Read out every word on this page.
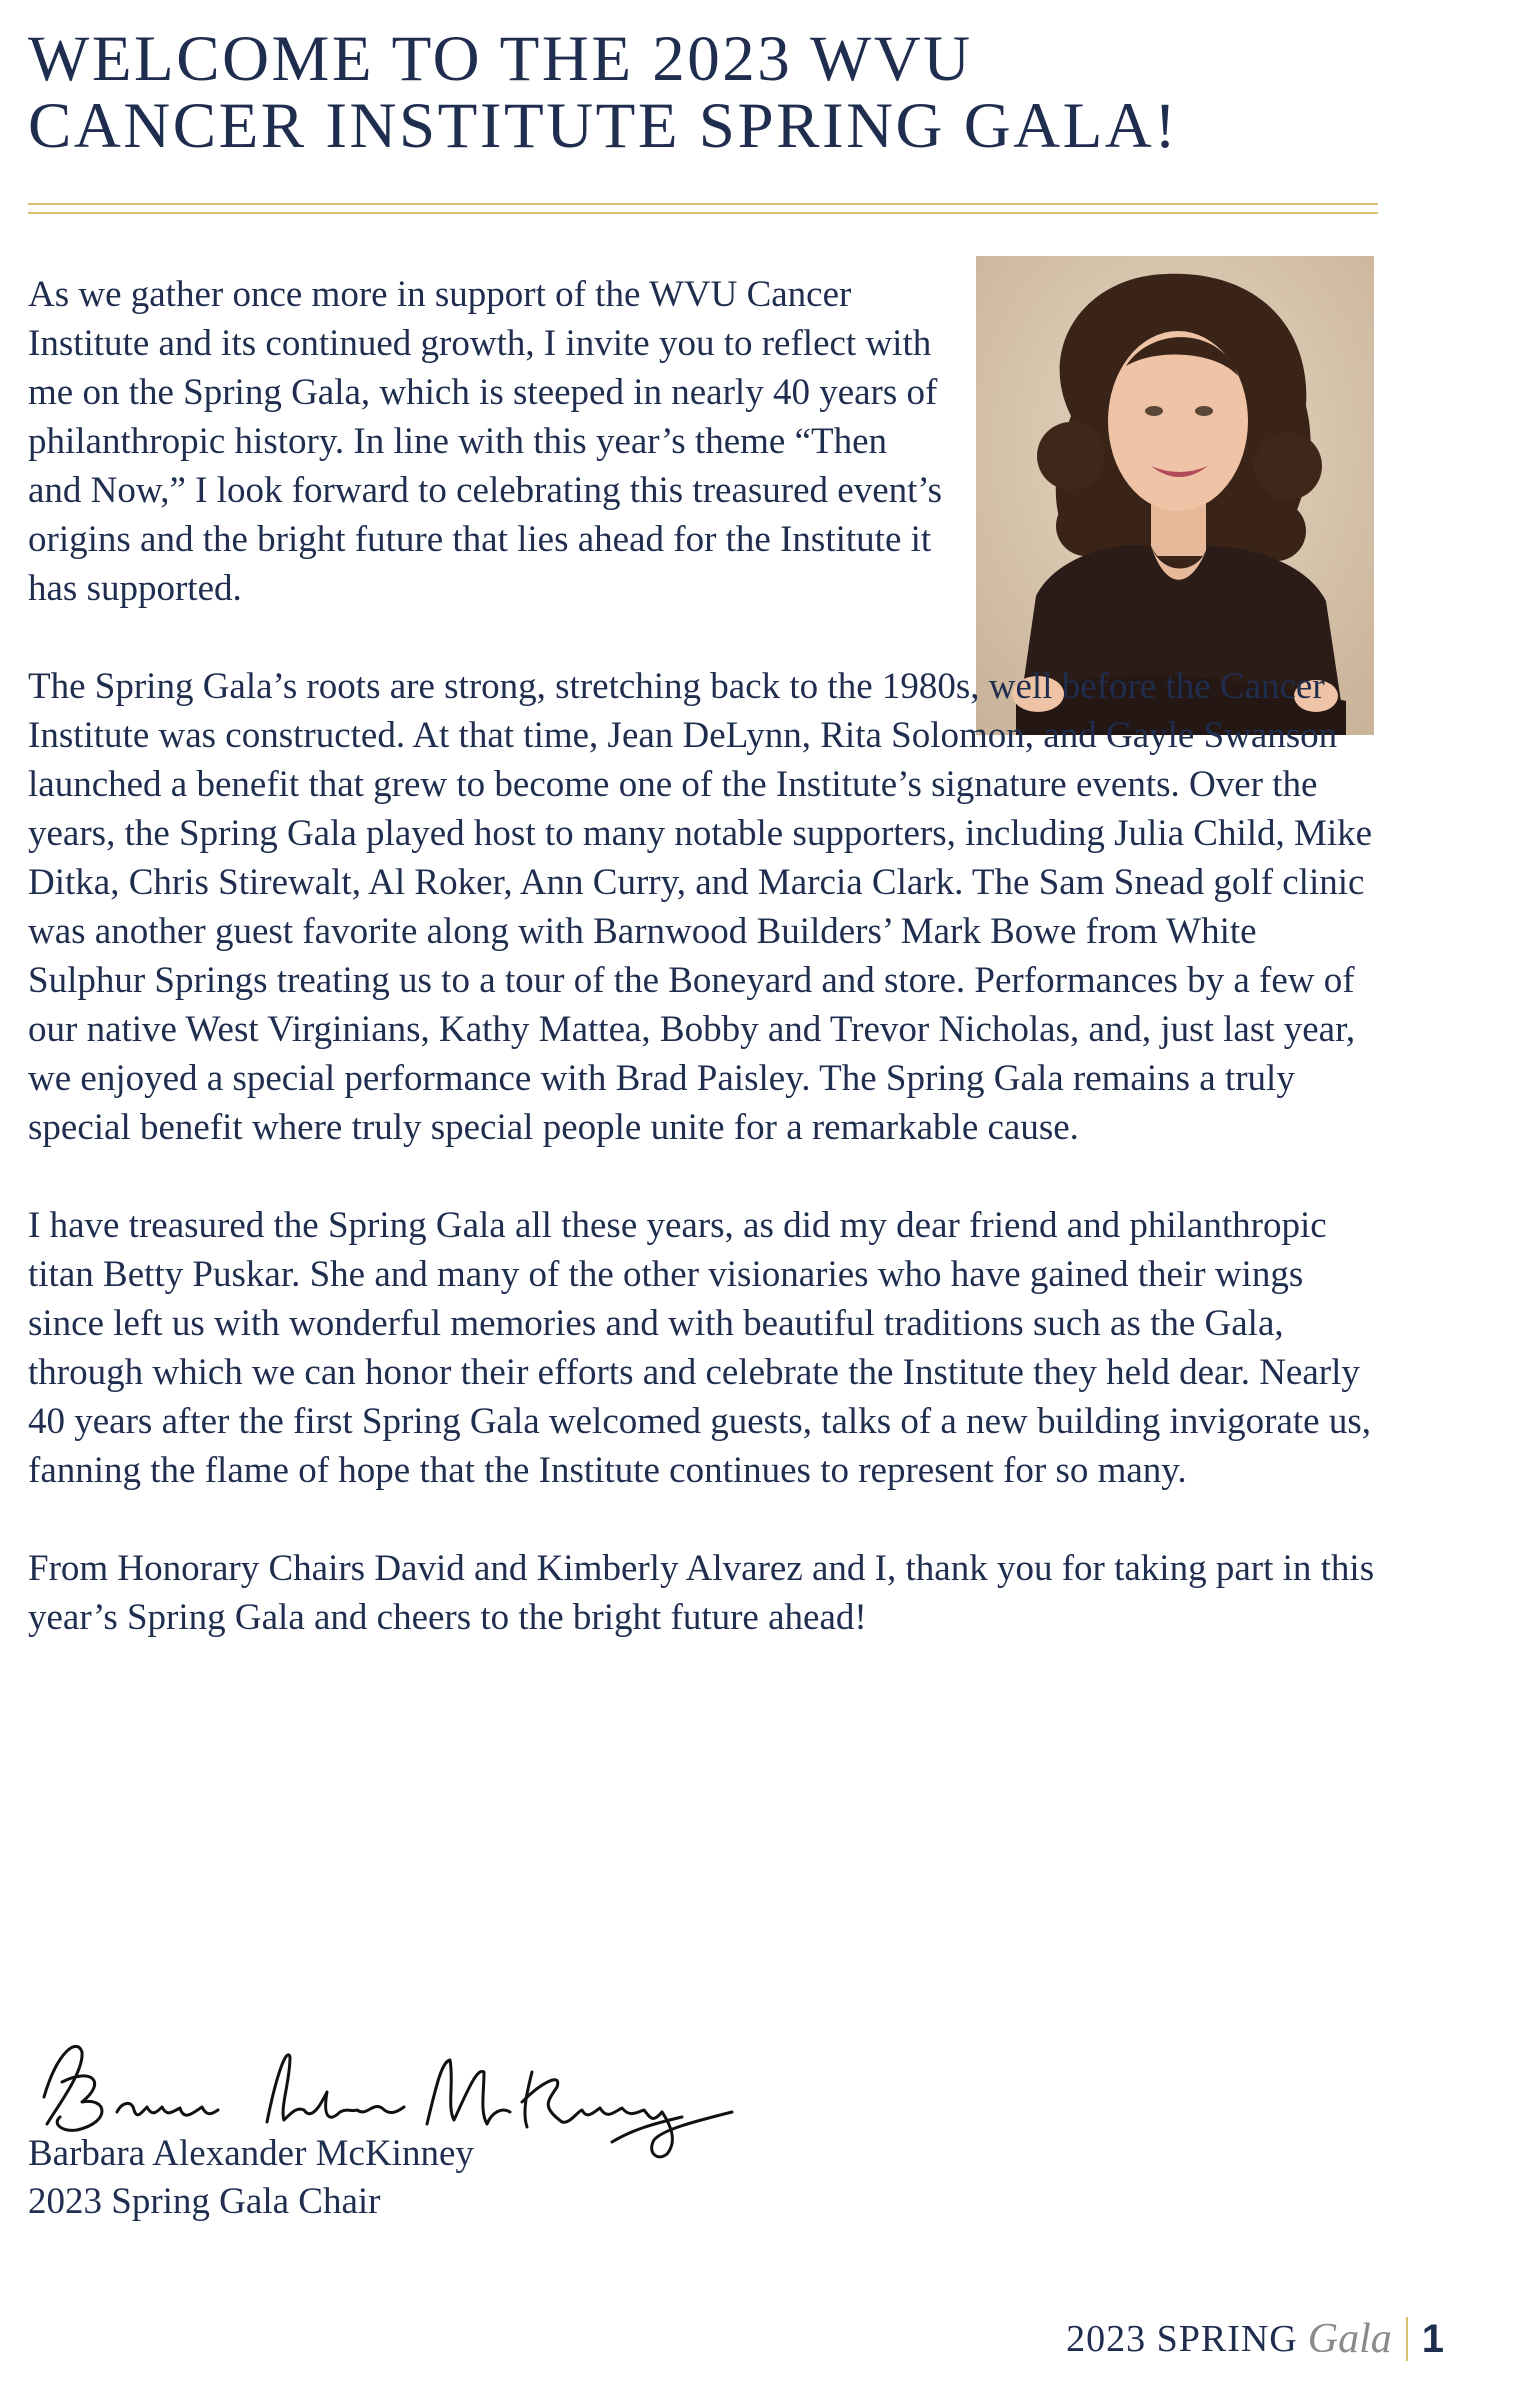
WELCOME TO THE 2023 WVU
CANCER INSTITUTE SPRING GALA!

As we gather once more in support of the WVU Cancer Institute and its continued growth, I invite you to reflect with me on the Spring Gala, which is steeped in nearly 40 years of philanthropic history. In line with this year’s theme “Then and Now,” I look forward to celebrating this treasured event’s origins and the bright future that lies ahead for the Institute it has supported.

The Spring Gala’s roots are strong, stretching back to the 1980s, well before the Cancer Institute was constructed. At that time, Jean DeLynn, Rita Solomon, and Gayle Swanson launched a benefit that grew to become one of the Institute’s signature events. Over the years, the Spring Gala played host to many notable supporters, including Julia Child, Mike Ditka, Chris Stirewalt, Al Roker, Ann Curry, and Marcia Clark. The Sam Snead golf clinic was another guest favorite along with Barnwood Builders’ Mark Bowe from White Sulphur Springs treating us to a tour of the Boneyard and store. Performances by a few of our native West Virginians, Kathy Mattea, Bobby and Trevor Nicholas, and, just last year, we enjoyed a special performance with Brad Paisley. The Spring Gala remains a truly special benefit where truly special people unite for a remarkable cause.

I have treasured the Spring Gala all these years, as did my dear friend and philanthropic titan Betty Puskar. She and many of the other visionaries who have gained their wings since left us with wonderful memories and with beautiful traditions such as the Gala, through which we can honor their efforts and celebrate the Institute they held dear. Nearly 40 years after the first Spring Gala welcomed guests, talks of a new building invigorate us, fanning the flame of hope that the Institute continues to represent for so many.

From Honorary Chairs David and Kimberly Alvarez and I, thank you for taking part in this year’s Spring Gala and cheers to the bright future ahead!

Barbara Alexander McKinney
2023 Spring Gala Chair
2023 SPRING Gala 1
